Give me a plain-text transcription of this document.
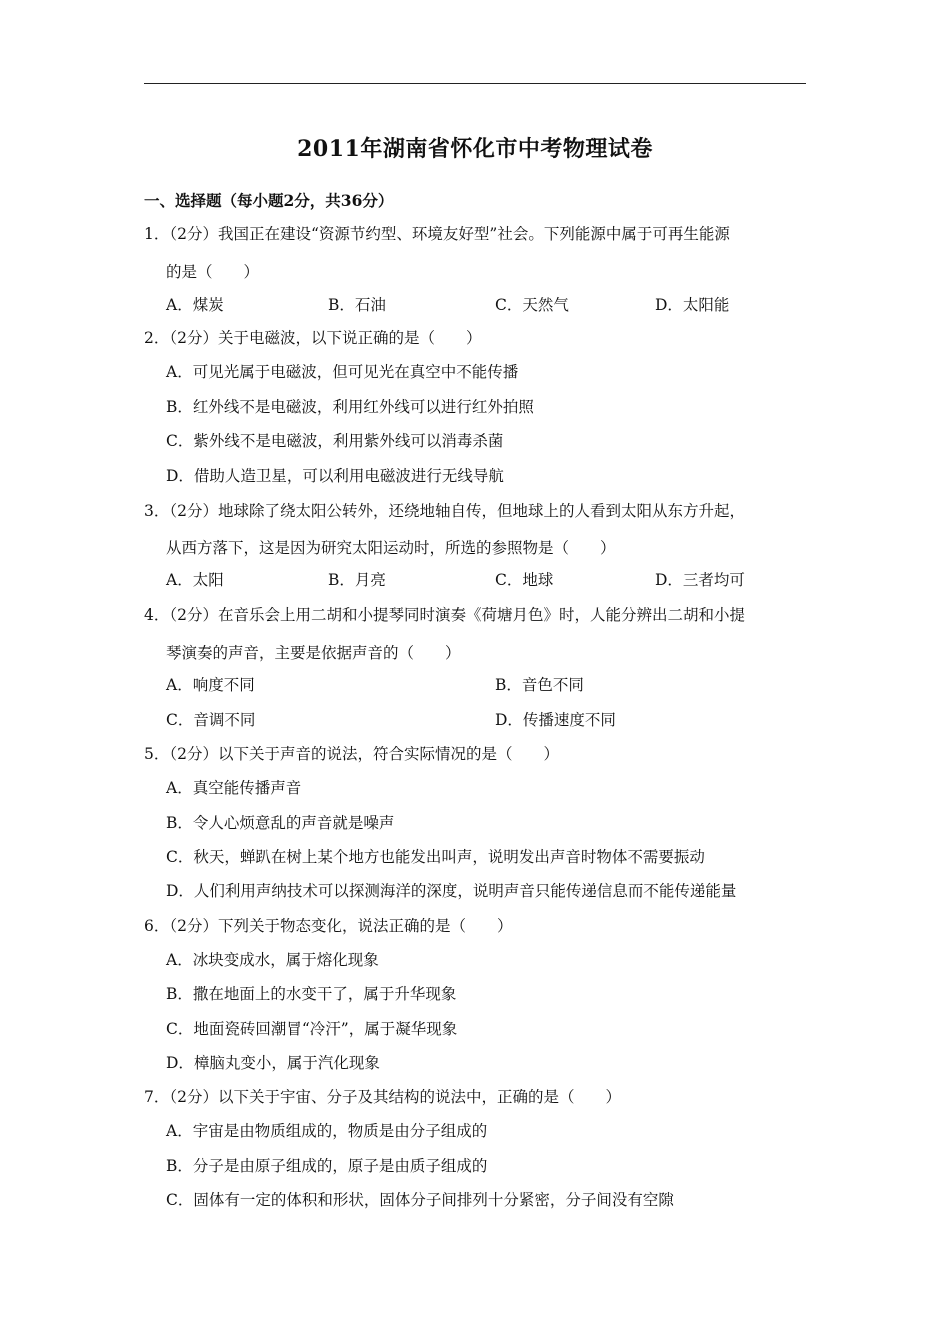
2011年湖南省怀化市中考物理试卷
一、选择题（每小题2分，共36分）
1．（2分）我国正在建设“资源节约型、环境友好型”社会。下列能源中属于可再生能源
的是（　　）
A．煤炭	B．石油	C．天然气	D．太阳能
2．（2分）关于电磁波，以下说正确的是（　　）
A．可见光属于电磁波，但可见光在真空中不能传播
B．红外线不是电磁波，利用红外线可以进行红外拍照
C．紫外线不是电磁波，利用紫外线可以消毒杀菌
D．借助人造卫星，可以利用电磁波进行无线导航
3．（2分）地球除了绕太阳公转外，还绕地轴自传，但地球上的人看到太阳从东方升起，
从西方落下，这是因为研究太阳运动时，所选的参照物是（　　）
A．太阳	B．月亮	C．地球	D．三者均可
4．（2分）在音乐会上用二胡和小提琴同时演奏《荷塘月色》时，人能分辨出二胡和小提
琴演奏的声音，主要是依据声音的（　　）
A．响度不同	B．音色不同
C．音调不同	D．传播速度不同
5．（2分）以下关于声音的说法，符合实际情况的是（　　）
A．真空能传播声音
B．令人心烦意乱的声音就是噪声
C．秋天，蝉趴在树上某个地方也能发出叫声，说明发出声音时物体不需要振动
D．人们利用声纳技术可以探测海洋的深度，说明声音只能传递信息而不能传递能量
6．（2分）下列关于物态变化，说法正确的是（　　）
A．冰块变成水，属于熔化现象
B．撒在地面上的水变干了，属于升华现象
C．地面瓷砖回潮冒“冷汗”，属于凝华现象
D．樟脑丸变小，属于汽化现象
7．（2分）以下关于宇宙、分子及其结构的说法中，正确的是（　　）
A．宇宙是由物质组成的，物质是由分子组成的
B．分子是由原子组成的，原子是由质子组成的
C．固体有一定的体积和形状，固体分子间排列十分紧密，分子间没有空隙
